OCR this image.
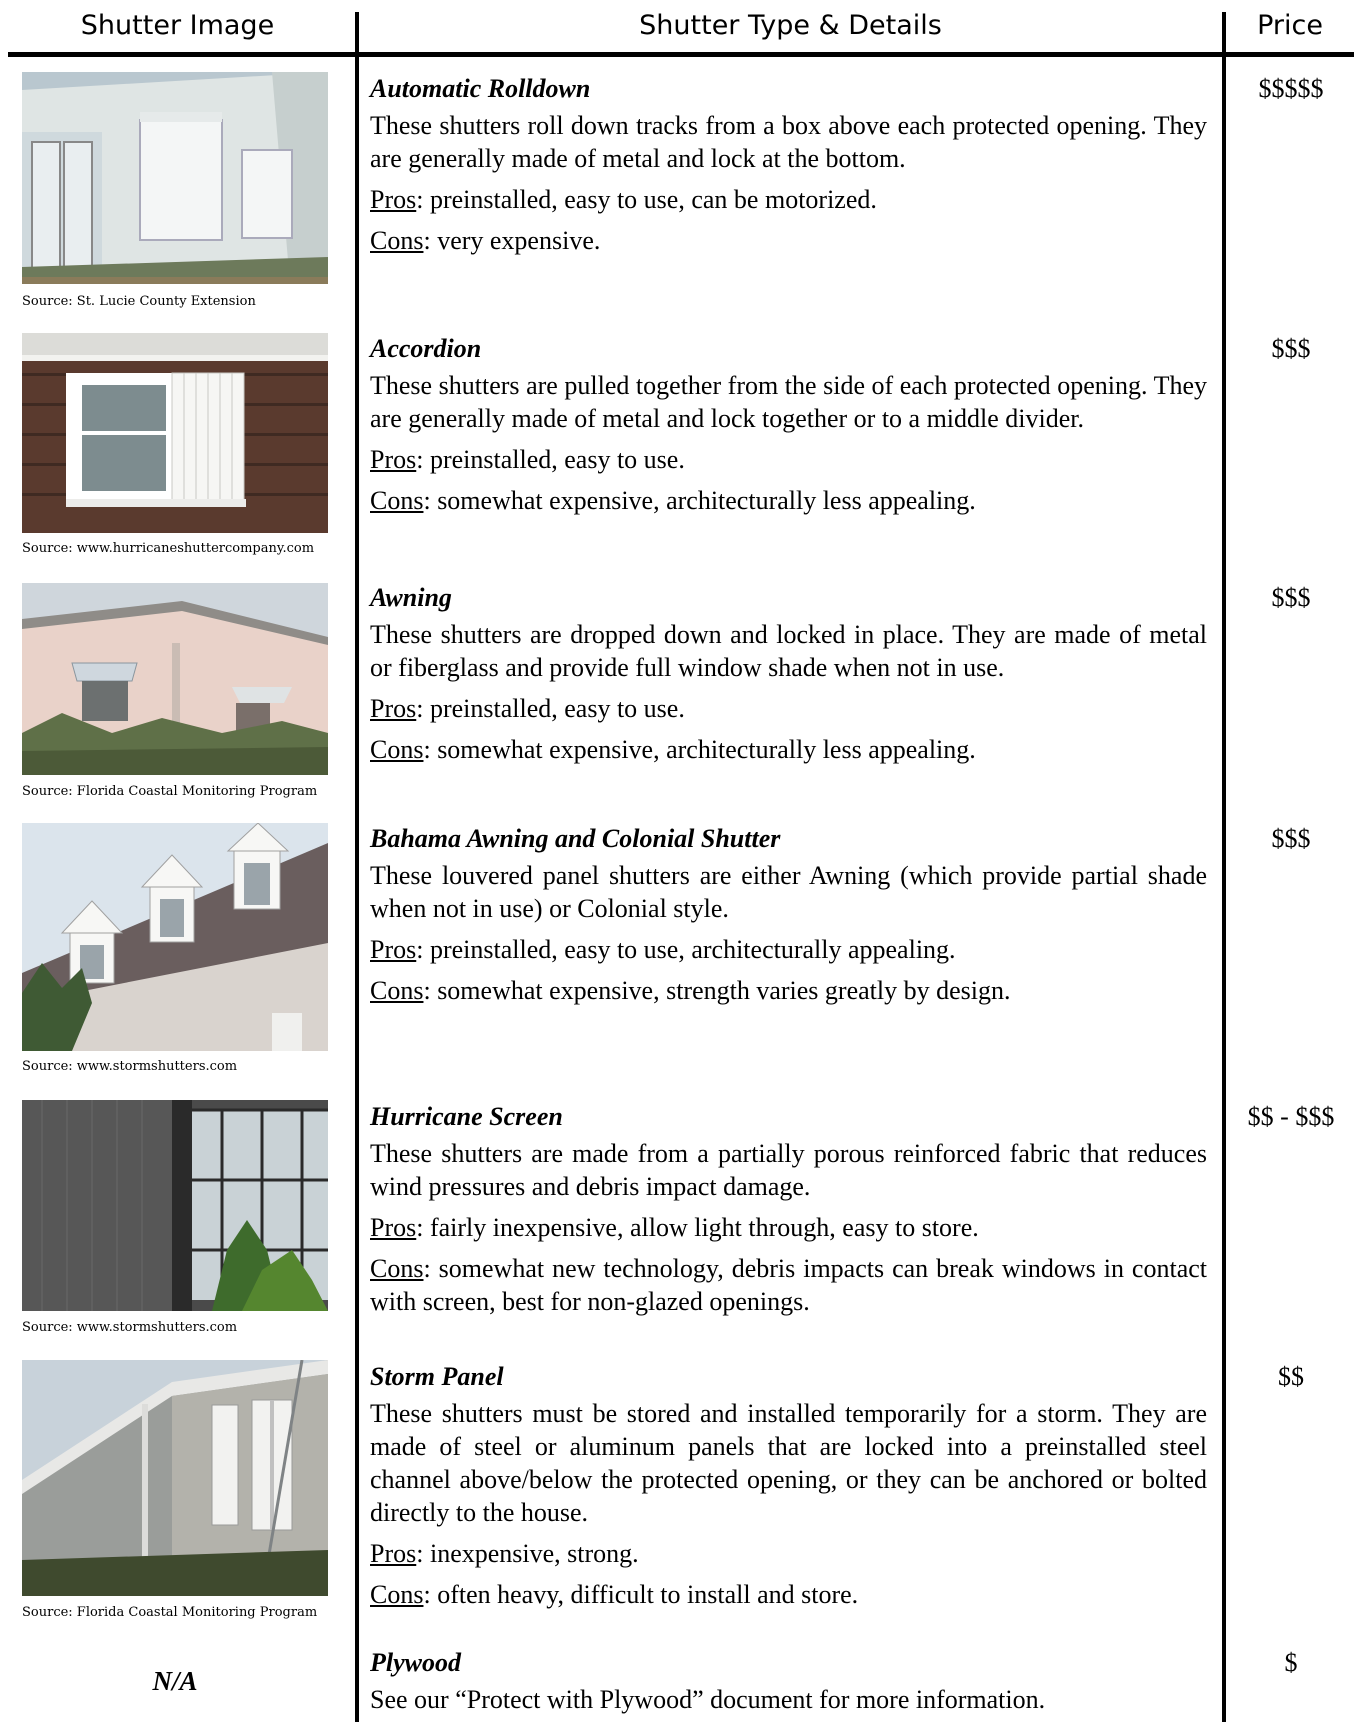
Shutter Image	Shutter Type & Details	Price
Source: St. Lucie County Extension
Automatic Rolldown
These shutters roll down tracks from a box above each protected opening. They are generally made of metal and lock at the bottom.
Pros: preinstalled, easy to use, can be motorized.
Cons: very expensive.
$$$$$
Source: www.hurricaneshuttercompany.com
Accordion
These shutters are pulled together from the side of each protected opening. They are generally made of metal and lock together or to a middle divider.
Pros: preinstalled, easy to use.
Cons: somewhat expensive, architecturally less appealing.
$$$
Source: Florida Coastal Monitoring Program
Awning
These shutters are dropped down and locked in place. They are made of metal or fiberglass and provide full window shade when not in use.
Pros: preinstalled, easy to use.
Cons: somewhat expensive, architecturally less appealing.
$$$
Source: www.stormshutters.com
Bahama Awning and Colonial Shutter
These louvered panel shutters are either Awning (which provide partial shade when not in use) or Colonial style.
Pros: preinstalled, easy to use, architecturally appealing.
Cons: somewhat expensive, strength varies greatly by design.
$$$
Source: www.stormshutters.com
Hurricane Screen
These shutters are made from a partially porous reinforced fabric that reduces wind pressures and debris impact damage.
Pros: fairly inexpensive, allow light through, easy to store.
Cons: somewhat new technology, debris impacts can break windows in contact with screen, best for non-glazed openings.
$$ - $$$
Source: Florida Coastal Monitoring Program
Storm Panel
These shutters must be stored and installed temporarily for a storm. They are made of steel or aluminum panels that are locked into a preinstalled steel channel above/below the protected opening, or they can be anchored or bolted directly to the house.
Pros: inexpensive, strong.
Cons: often heavy, difficult to install and store.
$$
N/A
Plywood
See our “Protect with Plywood” document for more information.
$
